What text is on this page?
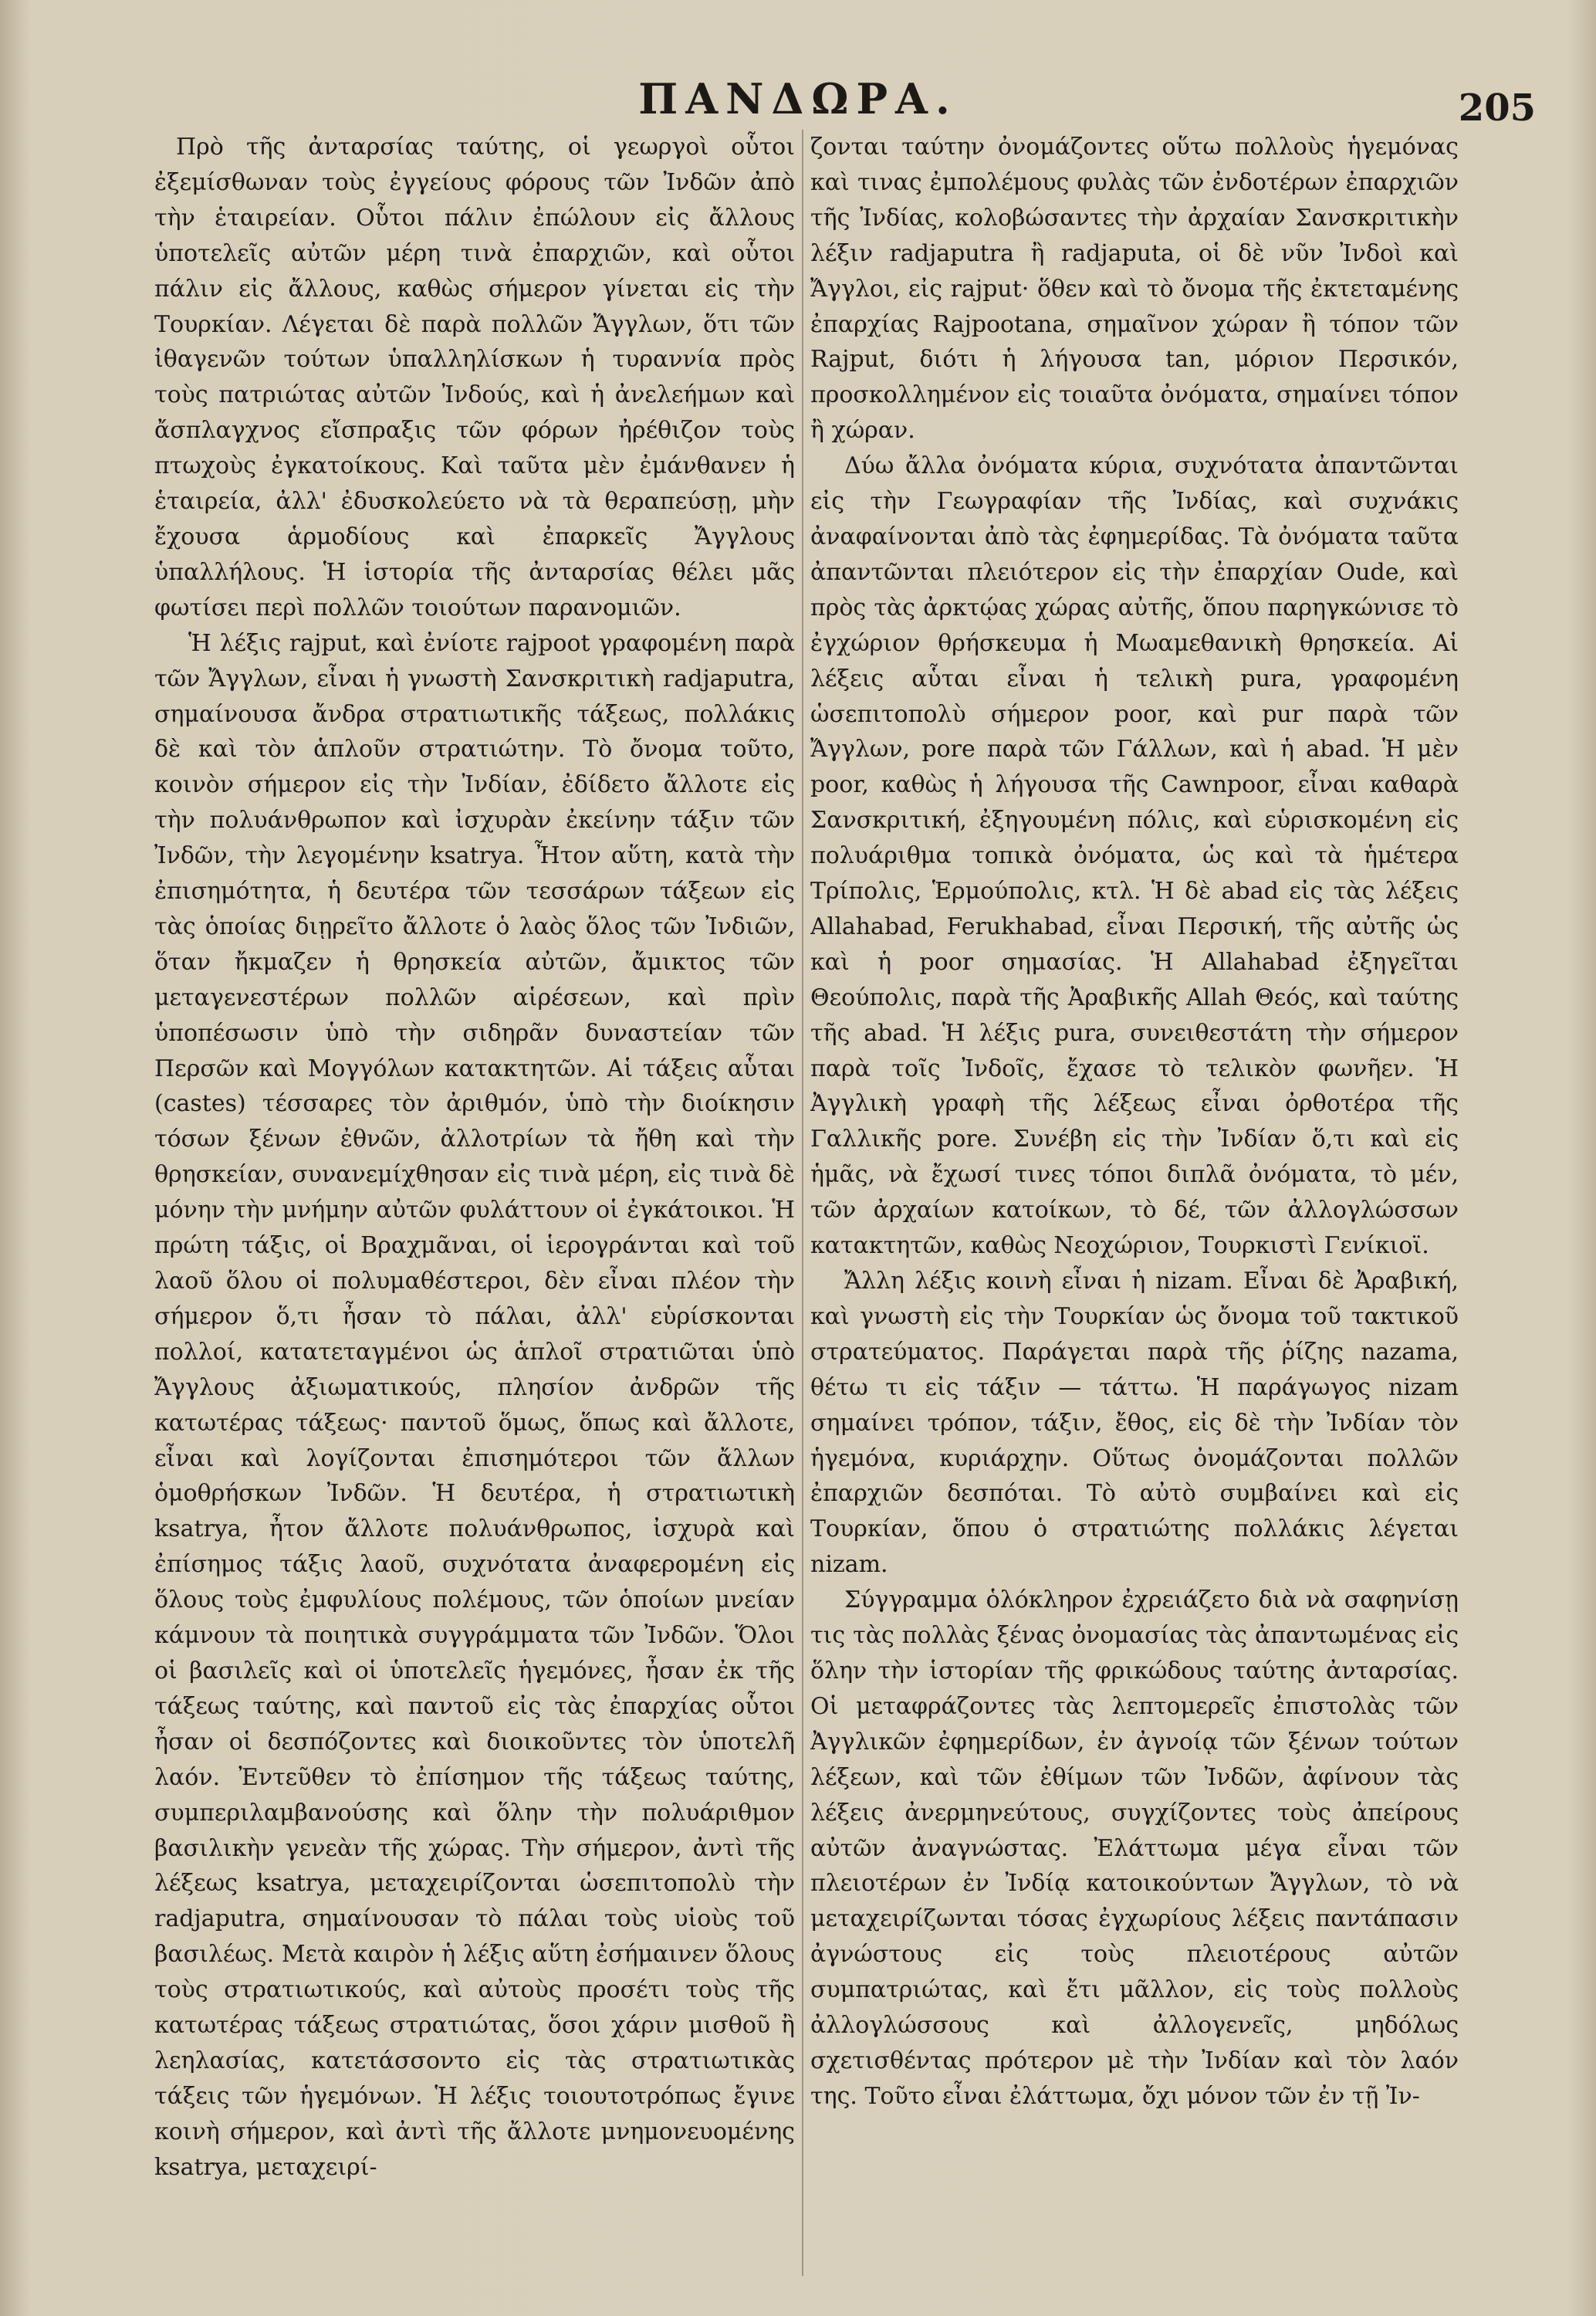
ΠΑΝΔΩΡΑ.	205

Πρὸ τῆς ἀνταρσίας ταύτης, οἱ γεωργοὶ οὗτοι ἐξεμίσθωναν τοὺς ἐγγείους φόρους τῶν Ἰνδῶν ἀπὸ τὴν ἑταιρείαν. Οὗτοι πάλιν ἐπώλουν εἰς ἄλλους ὑποτελεῖς αὐτῶν μέρη τινὰ ἐπαρχιῶν, καὶ οὗτοι πάλιν εἰς ἄλλους, καθὼς σήμερον γίνεται εἰς τὴν Τουρκίαν. Λέγεται δὲ παρὰ πολλῶν Ἄγγλων, ὅτι τῶν ἰθαγενῶν τούτων ὑπαλληλίσκων ἡ τυραννία πρὸς τοὺς πατριώτας αὐτῶν Ἰνδούς, καὶ ἡ ἀνελεήμων καὶ ἄσπλαγχνος εἴσπραξις τῶν φόρων ἠρέθιζον τοὺς πτωχοὺς ἐγκατοίκους. Καὶ ταῦτα μὲν ἐμάνθανεν ἡ ἑταιρεία, ἀλλ' ἐδυσκολεύετο νὰ τὰ θεραπεύσῃ, μὴν ἔχουσα ἁρμοδίους καὶ ἐπαρκεῖς Ἄγγλους ὑπαλλήλους. Ἡ ἱστορία τῆς ἀνταρσίας θέλει μᾶς φωτίσει περὶ πολλῶν τοιούτων παρανομιῶν.

Ἡ λέξις rajput, καὶ ἐνίοτε rajpoot γραφομένη παρὰ τῶν Ἄγγλων, εἶναι ἡ γνωστὴ Σανσκριτικὴ radjaputra, σημαίνουσα ἄνδρα στρατιωτικῆς τάξεως, πολλάκις δὲ καὶ τὸν ἁπλοῦν στρατιώτην. Τὸ ὄνομα τοῦτο, κοινὸν σήμερον εἰς τὴν Ἰνδίαν, ἐδίδετο ἄλλοτε εἰς τὴν πολυάνθρωπον καὶ ἰσχυρὰν ἐκείνην τάξιν τῶν Ἰνδῶν, τὴν λεγομένην ksatrya. Ἦτον αὕτη, κατὰ τὴν ἐπισημότητα, ἡ δευτέρα τῶν τεσσάρων τάξεων εἰς τὰς ὁποίας διῃρεῖτο ἄλλοτε ὁ λαὸς ὅλος τῶν Ἰνδιῶν, ὅταν ἤκμαζεν ἡ θρησκεία αὐτῶν, ἄμικτος τῶν μεταγενεστέρων πολλῶν αἱρέσεων, καὶ πρὶν ὑποπέσωσιν ὑπὸ τὴν σιδηρᾶν δυναστείαν τῶν Περσῶν καὶ Μογγόλων κατακτητῶν. Αἱ τάξεις αὗται (castes) τέσσαρες τὸν ἀριθμόν, ὑπὸ τὴν διοίκησιν τόσων ξένων ἐθνῶν, ἀλλοτρίων τὰ ἤθη καὶ τὴν θρησκείαν, συνανεμίχθησαν εἰς τινὰ μέρη, εἰς τινὰ δὲ μόνην τὴν μνήμην αὐτῶν φυλάττουν οἱ ἐγκάτοικοι. Ἡ πρώτη τάξις, οἱ Βραχμᾶναι, οἱ ἱερογράνται καὶ τοῦ λαοῦ ὅλου οἱ πολυμαθέστεροι, δὲν εἶναι πλέον τὴν σήμερον ὅ,τι ἦσαν τὸ πάλαι, ἀλλ' εὑρίσκονται πολλοί, κατατεταγμένοι ὡς ἁπλοῖ στρατιῶται ὑπὸ Ἄγγλους ἀξιωματικούς, πλησίον ἀνδρῶν τῆς κατωτέρας τάξεως· παντοῦ ὅμως, ὅπως καὶ ἄλλοτε, εἶναι καὶ λογίζονται ἐπισημότεροι τῶν ἄλλων ὁμοθρήσκων Ἰνδῶν. Ἡ δευτέρα, ἡ στρατιωτικὴ ksatrya, ἦτον ἄλλοτε πολυάνθρωπος, ἰσχυρὰ καὶ ἐπίσημος τάξις λαοῦ, συχνότατα ἀναφερομένη εἰς ὅλους τοὺς ἐμφυλίους πολέμους, τῶν ὁποίων μνείαν κάμνουν τὰ ποιητικὰ συγγράμματα τῶν Ἰνδῶν. Ὅλοι οἱ βασιλεῖς καὶ οἱ ὑποτελεῖς ἡγεμόνες, ἦσαν ἐκ τῆς τάξεως ταύτης, καὶ παντοῦ εἰς τὰς ἐπαρχίας οὗτοι ἦσαν οἱ δεσπόζοντες καὶ διοικοῦντες τὸν ὑποτελῆ λαόν. Ἐντεῦθεν τὸ ἐπίσημον τῆς τάξεως ταύτης, συμπεριλαμβανούσης καὶ ὅλην τὴν πολυάριθμον βασιλικὴν γενεὰν τῆς χώρας. Τὴν σήμερον, ἀντὶ τῆς λέξεως ksatrya, μεταχειρίζονται ὡσεπιτοπολὺ τὴν radjaputra, σημαίνουσαν τὸ πάλαι τοὺς υἱοὺς τοῦ βασιλέως. Μετὰ καιρὸν ἡ λέξις αὕτη ἐσήμαινεν ὅλους τοὺς στρατιωτικούς, καὶ αὐτοὺς προσέτι τοὺς τῆς κατωτέρας τάξεως στρατιώτας, ὅσοι χάριν μισθοῦ ἢ λεηλασίας, κατετάσσοντο εἰς τὰς στρατιωτικὰς τάξεις τῶν ἡγεμόνων. Ἡ λέξις τοιουτοτρόπως ἔγινε κοινὴ σήμερον, καὶ ἀντὶ τῆς ἄλλοτε μνημονευομένης ksatrya, μεταχειρί-

ζονται ταύτην ὀνομάζοντες οὕτω πολλοὺς ἡγεμόνας καὶ τινας ἐμπολέμους φυλὰς τῶν ἐνδοτέρων ἐπαρχιῶν τῆς Ἰνδίας, κολοβώσαντες τὴν ἀρχαίαν Σανσκριτικὴν λέξιν radjaputra ἢ radjaputa, οἱ δὲ νῦν Ἰνδοὶ καὶ Ἄγγλοι, εἰς rajput· ὅθεν καὶ τὸ ὄνομα τῆς ἐκτεταμένης ἐπαρχίας Rajpootana, σημαῖνον χώραν ἢ τόπον τῶν Rajput, διότι ἡ λήγουσα tan, μόριον Περσικόν, προσκολλημένον εἰς τοιαῦτα ὀνόματα, σημαίνει τόπον ἢ χώραν.

Δύω ἄλλα ὀνόματα κύρια, συχνότατα ἀπαντῶνται εἰς τὴν Γεωγραφίαν τῆς Ἰνδίας, καὶ συχνάκις ἀναφαίνονται ἀπὸ τὰς ἐφημερίδας. Τὰ ὀνόματα ταῦτα ἀπαντῶνται πλειότερον εἰς τὴν ἐπαρχίαν Oude, καὶ πρὸς τὰς ἀρκτῴας χώρας αὐτῆς, ὅπου παρηγκώνισε τὸ ἐγχώριον θρήσκευμα ἡ Μωαμεθανικὴ θρησκεία. Αἱ λέξεις αὗται εἶναι ἡ τελικὴ pura, γραφομένη ὡσεπιτοπολὺ σήμερον poor, καὶ pur παρὰ τῶν Ἄγγλων, pore παρὰ τῶν Γάλλων, καὶ ἡ abad. Ἡ μὲν poor, καθὼς ἡ λήγουσα τῆς Cawnpoor, εἶναι καθαρὰ Σανσκριτική, ἐξηγουμένη πόλις, καὶ εὑρισκομένη εἰς πολυάριθμα τοπικὰ ὀνόματα, ὡς καὶ τὰ ἡμέτερα Τρίπολις, Ἑρμούπολις, κτλ. Ἡ δὲ abad εἰς τὰς λέξεις Allahabad, Ferukhabad, εἶναι Περσική, τῆς αὐτῆς ὡς καὶ ἡ poor σημασίας. Ἡ Allahabad ἐξηγεῖται Θεούπολις, παρὰ τῆς Ἀραβικῆς Allah Θεός, καὶ ταύτης τῆς abad. Ἡ λέξις pura, συνειθεστάτη τὴν σήμερον παρὰ τοῖς Ἰνδοῖς, ἔχασε τὸ τελικὸν φωνῆεν. Ἡ Ἀγγλικὴ γραφὴ τῆς λέξεως εἶναι ὀρθοτέρα τῆς Γαλλικῆς pore. Συνέβη εἰς τὴν Ἰνδίαν ὅ,τι καὶ εἰς ἡμᾶς, νὰ ἔχωσί τινες τόποι διπλᾶ ὀνόματα, τὸ μέν, τῶν ἀρχαίων κατοίκων, τὸ δέ, τῶν ἀλλογλώσσων κατακτητῶν, καθὼς Νεοχώριον, Τουρκιστὶ Γενίκιοϊ.

Ἄλλη λέξις κοινὴ εἶναι ἡ nizam. Εἶναι δὲ Ἀραβική, καὶ γνωστὴ εἰς τὴν Τουρκίαν ὡς ὄνομα τοῦ τακτικοῦ στρατεύματος. Παράγεται παρὰ τῆς ῥίζης nazama, θέτω τι εἰς τάξιν — τάττω. Ἡ παράγωγος nizam σημαίνει τρόπον, τάξιν, ἔθος, εἰς δὲ τὴν Ἰνδίαν τὸν ἡγεμόνα, κυριάρχην. Οὕτως ὀνομάζονται πολλῶν ἐπαρχιῶν δεσπόται. Τὸ αὐτὸ συμβαίνει καὶ εἰς Τουρκίαν, ὅπου ὁ στρατιώτης πολλάκις λέγεται nizam.

Σύγγραμμα ὁλόκληρον ἐχρειάζετο διὰ νὰ σαφηνίσῃ τις τὰς πολλὰς ξένας ὀνομασίας τὰς ἀπαντωμένας εἰς ὅλην τὴν ἱστορίαν τῆς φρικώδους ταύτης ἀνταρσίας. Οἱ μεταφράζοντες τὰς λεπτομερεῖς ἐπιστολὰς τῶν Ἀγγλικῶν ἐφημερίδων, ἐν ἀγνοίᾳ τῶν ξένων τούτων λέξεων, καὶ τῶν ἐθίμων τῶν Ἰνδῶν, ἀφίνουν τὰς λέξεις ἀνερμηνεύτους, συγχίζοντες τοὺς ἀπείρους αὐτῶν ἀναγνώστας. Ἐλάττωμα μέγα εἶναι τῶν πλειοτέρων ἐν Ἰνδίᾳ κατοικούντων Ἄγγλων, τὸ νὰ μεταχειρίζωνται τόσας ἐγχωρίους λέξεις παντάπασιν ἀγνώστους εἰς τοὺς πλειοτέρους αὐτῶν συμπατριώτας, καὶ ἔτι μᾶλλον, εἰς τοὺς πολλοὺς ἀλλογλώσσους καὶ ἀλλογενεῖς, μηδόλως σχετισθέντας πρότερον μὲ τὴν Ἰνδίαν καὶ τὸν λαόν της. Τοῦτο εἶναι ἐλάττωμα, ὄχι μόνον τῶν ἐν τῇ Ἰν-
